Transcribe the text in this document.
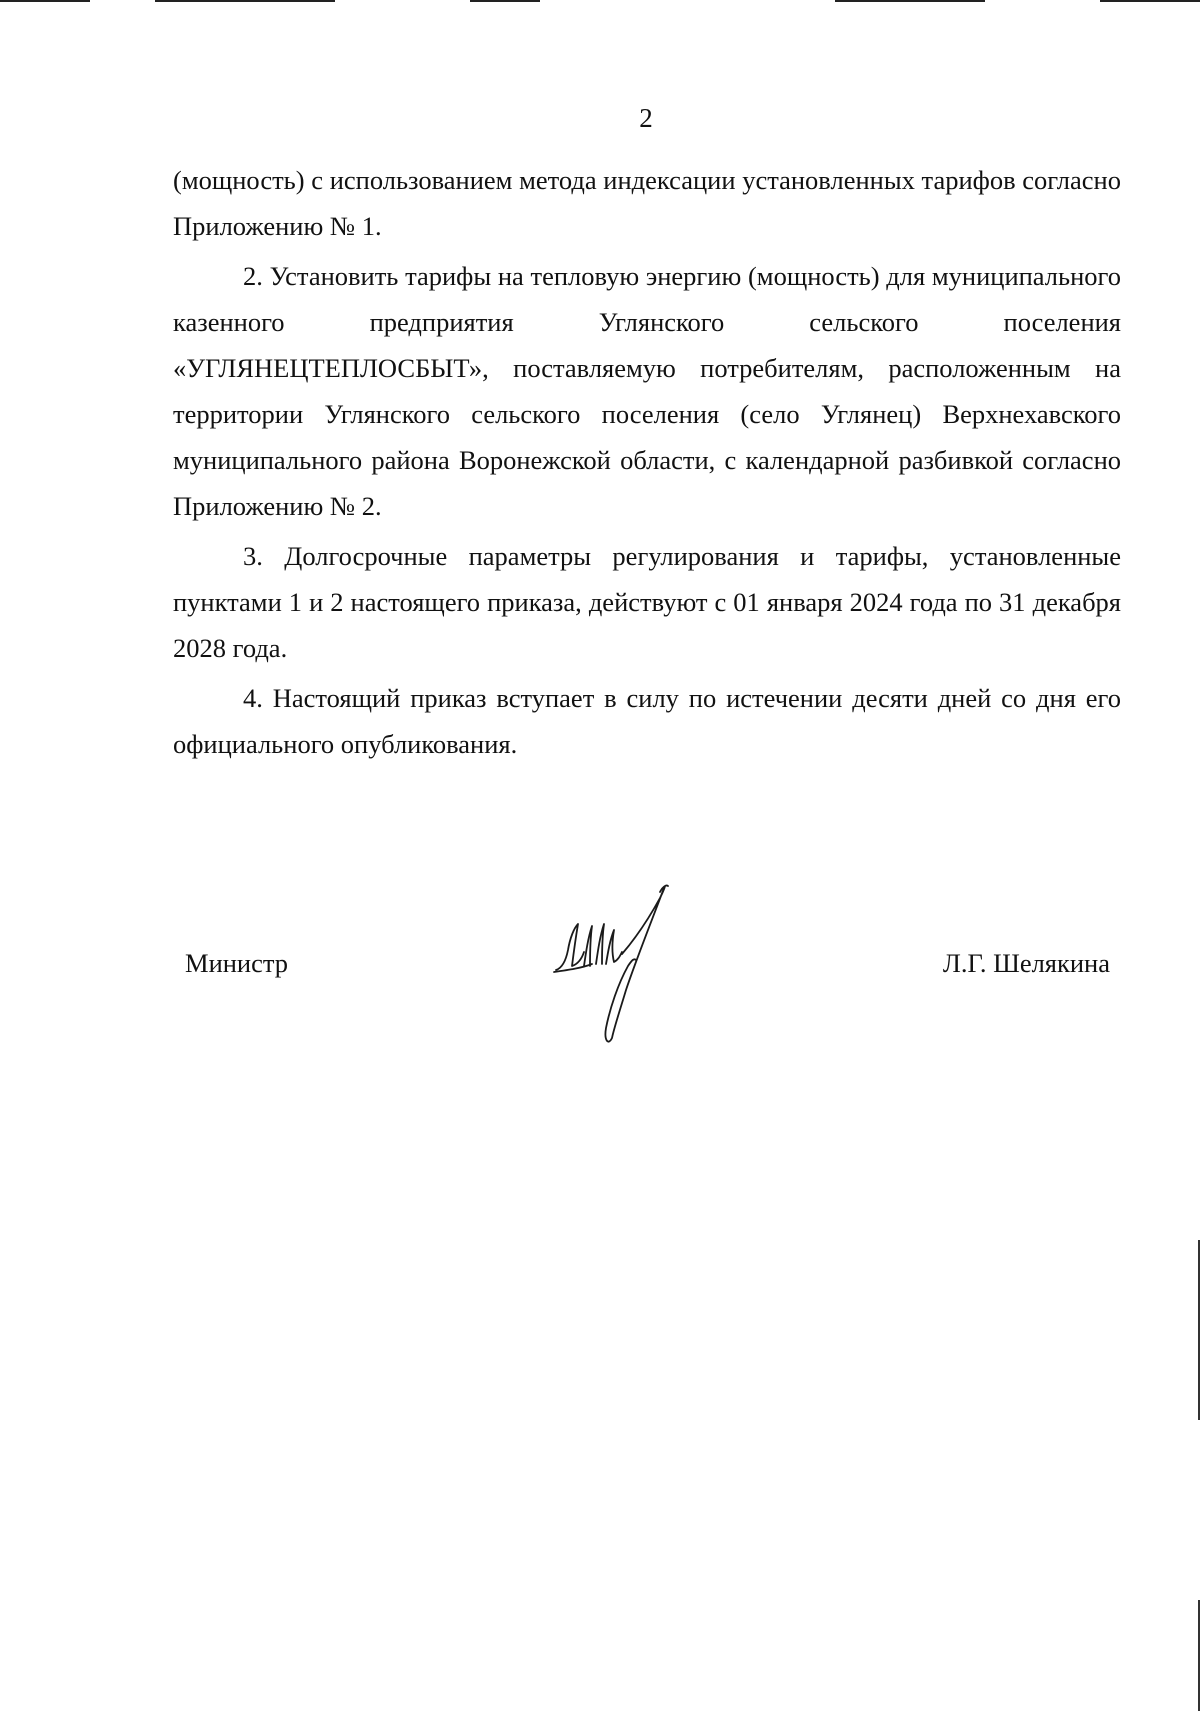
2

(мощность) с использованием метода индексации установленных тарифов согласно Приложению № 1.

2. Установить тарифы на тепловую энергию (мощность) для муниципального казенного предприятия Углянского сельского поселения «УГЛЯНЕЦТЕПЛОСБЫТ», поставляемую потребителям, расположенным на территории Углянского сельского поселения (село Углянец) Верхнехавского муниципального района Воронежской области, с календарной разбивкой согласно Приложению № 2.

3. Долгосрочные параметры регулирования и тарифы, установленные пунктами 1 и 2 настоящего приказа, действуют с 01 января 2024 года по 31 декабря 2028 года.

4. Настоящий приказ вступает в силу по истечении десяти дней со дня его официального опубликования.

Министр	Л.Г. Шелякина
